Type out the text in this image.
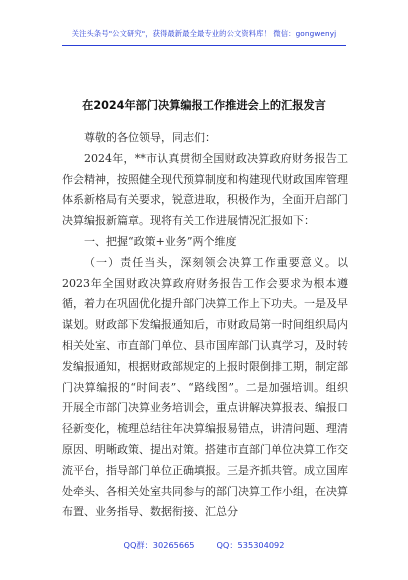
关注头条号"公文研究"，获得最新最全最专业的公文资料库！ 微信：gongwenyj
在2024年部门决算编报工作推进会上的汇报发言

尊敬的各位领导，同志们：

2024年，**市认真贯彻全国财政决算政府财务报告工作会精神，按照健全现代预算制度和构建现代财政国库管理体系新格局有关要求，锐意进取，积极作为，全面开启部门决算编报新篇章。现将有关工作进展情况汇报如下：

一、把握“政策+业务”两个维度

（一）责任当头，深刻领会决算工作重要意义。以2023年全国财政决算政府财务报告工作会要求为根本遵循，着力在巩固优化提升部门决算工作上下功夫。一是及早谋划。财政部下发编报通知后，市财政局第一时间组织局内相关处室、市直部门单位、县市国库部门认真学习，及时转发编报通知，根据财政部规定的上报时限倒排工期，制定部门决算编报的“时间表”、“路线图”。二是加强培训。组织开展全市部门决算业务培训会，重点讲解决算报表、编报口径新变化，梳理总结往年决算编报易错点，讲清问题、理清原因、明晰政策、提出对策。搭建市直部门单位决算工作交流平台，指导部门单位正确填报。三是齐抓共管。成立国库处牵头、各相关处室共同参与的部门决算工作小组，在决算布置、业务指导、数据衔接、汇总分

QQ群：30265665	QQ：535304092
